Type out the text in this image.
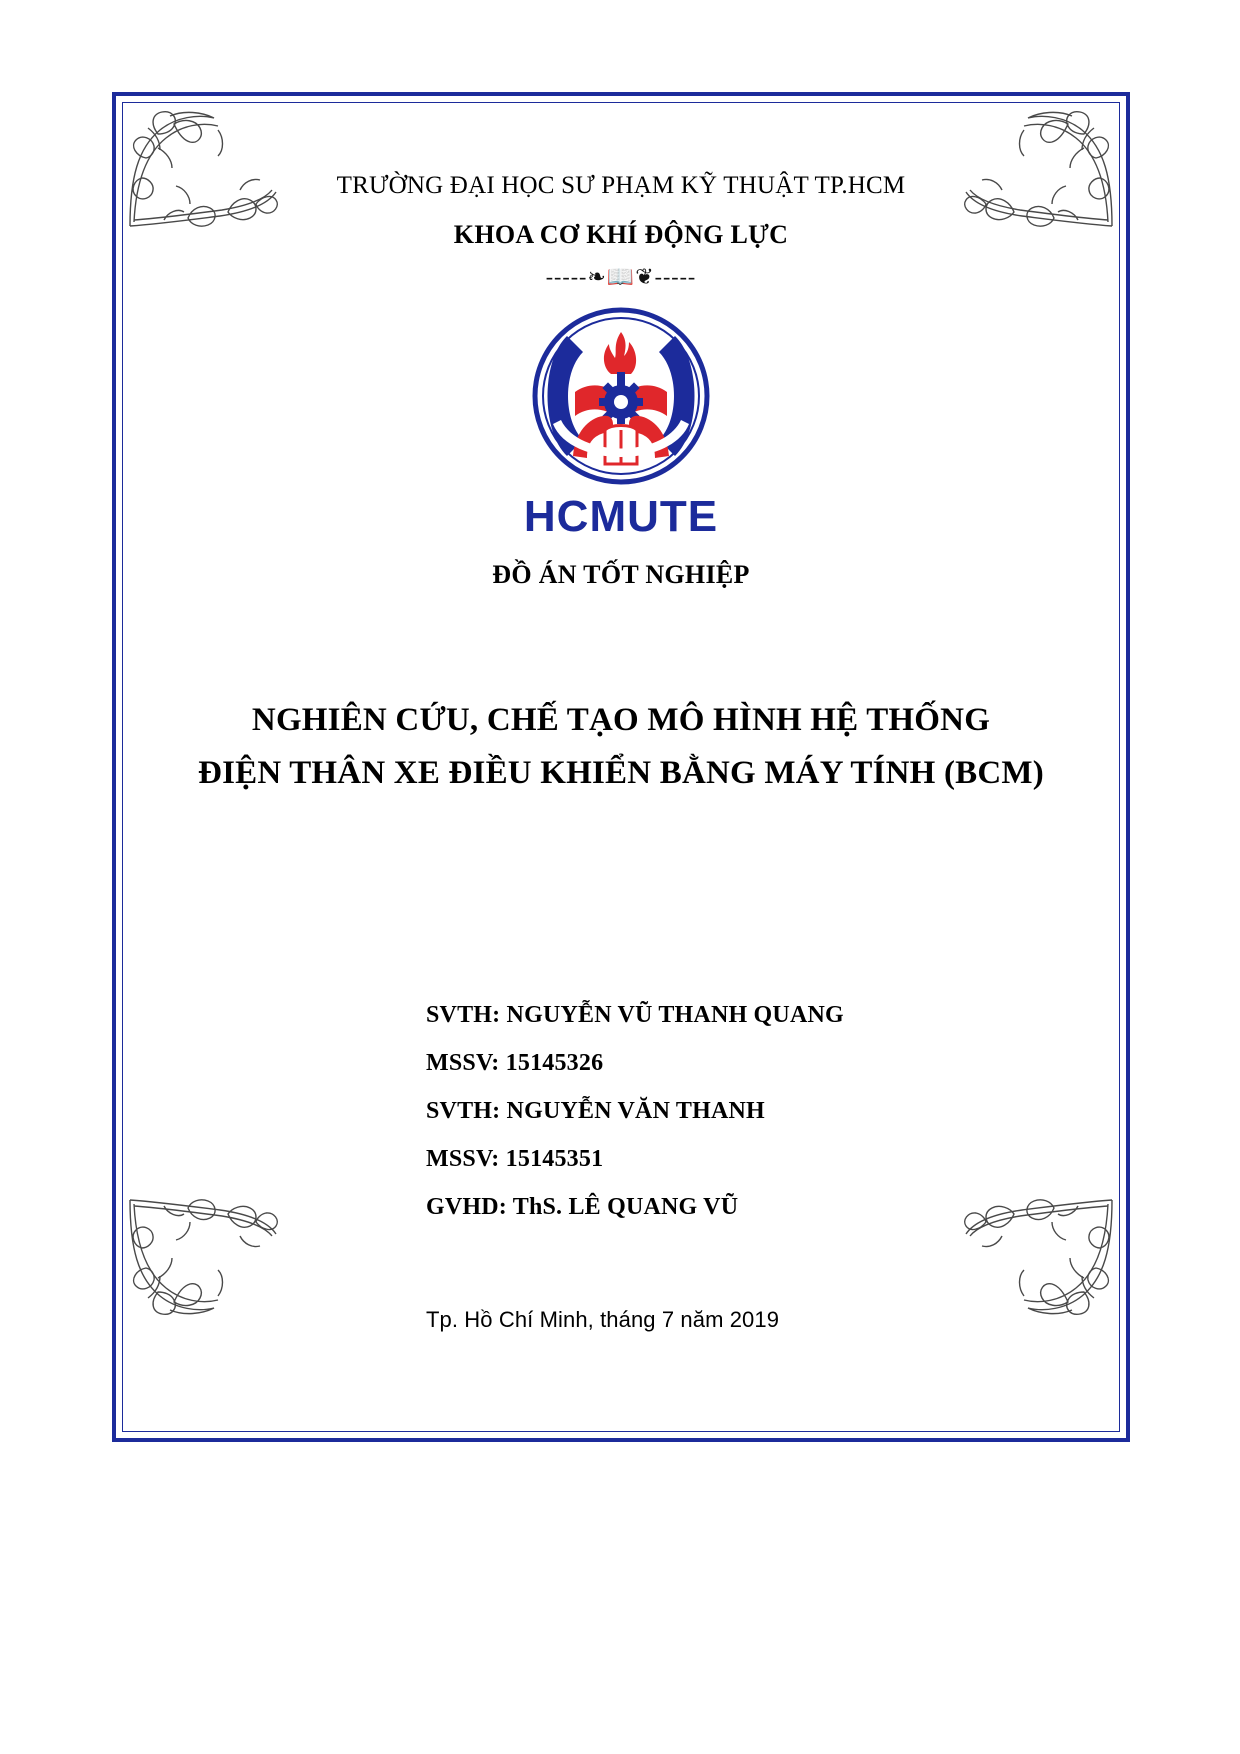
TRƯỜNG ĐẠI HỌC SƯ PHẠM KỸ THUẬT TP.HCM
KHOA CƠ KHÍ ĐỘNG LỰC
-----❧📖❦-----
HCMUTE
ĐỒ ÁN TỐT NGHIỆP
NGHIÊN CỨU, CHẾ TẠO MÔ HÌNH HỆ THỐNG
ĐIỆN THÂN XE ĐIỀU KHIỂN BẰNG MÁY TÍNH (BCM)
SVTH: NGUYỄN VŨ THANH QUANG
MSSV: 15145326
SVTH: NGUYỄN VĂN THANH
MSSV: 15145351
GVHD: ThS. LÊ QUANG VŨ
Tp. Hồ Chí Minh, tháng 7 năm 2019
